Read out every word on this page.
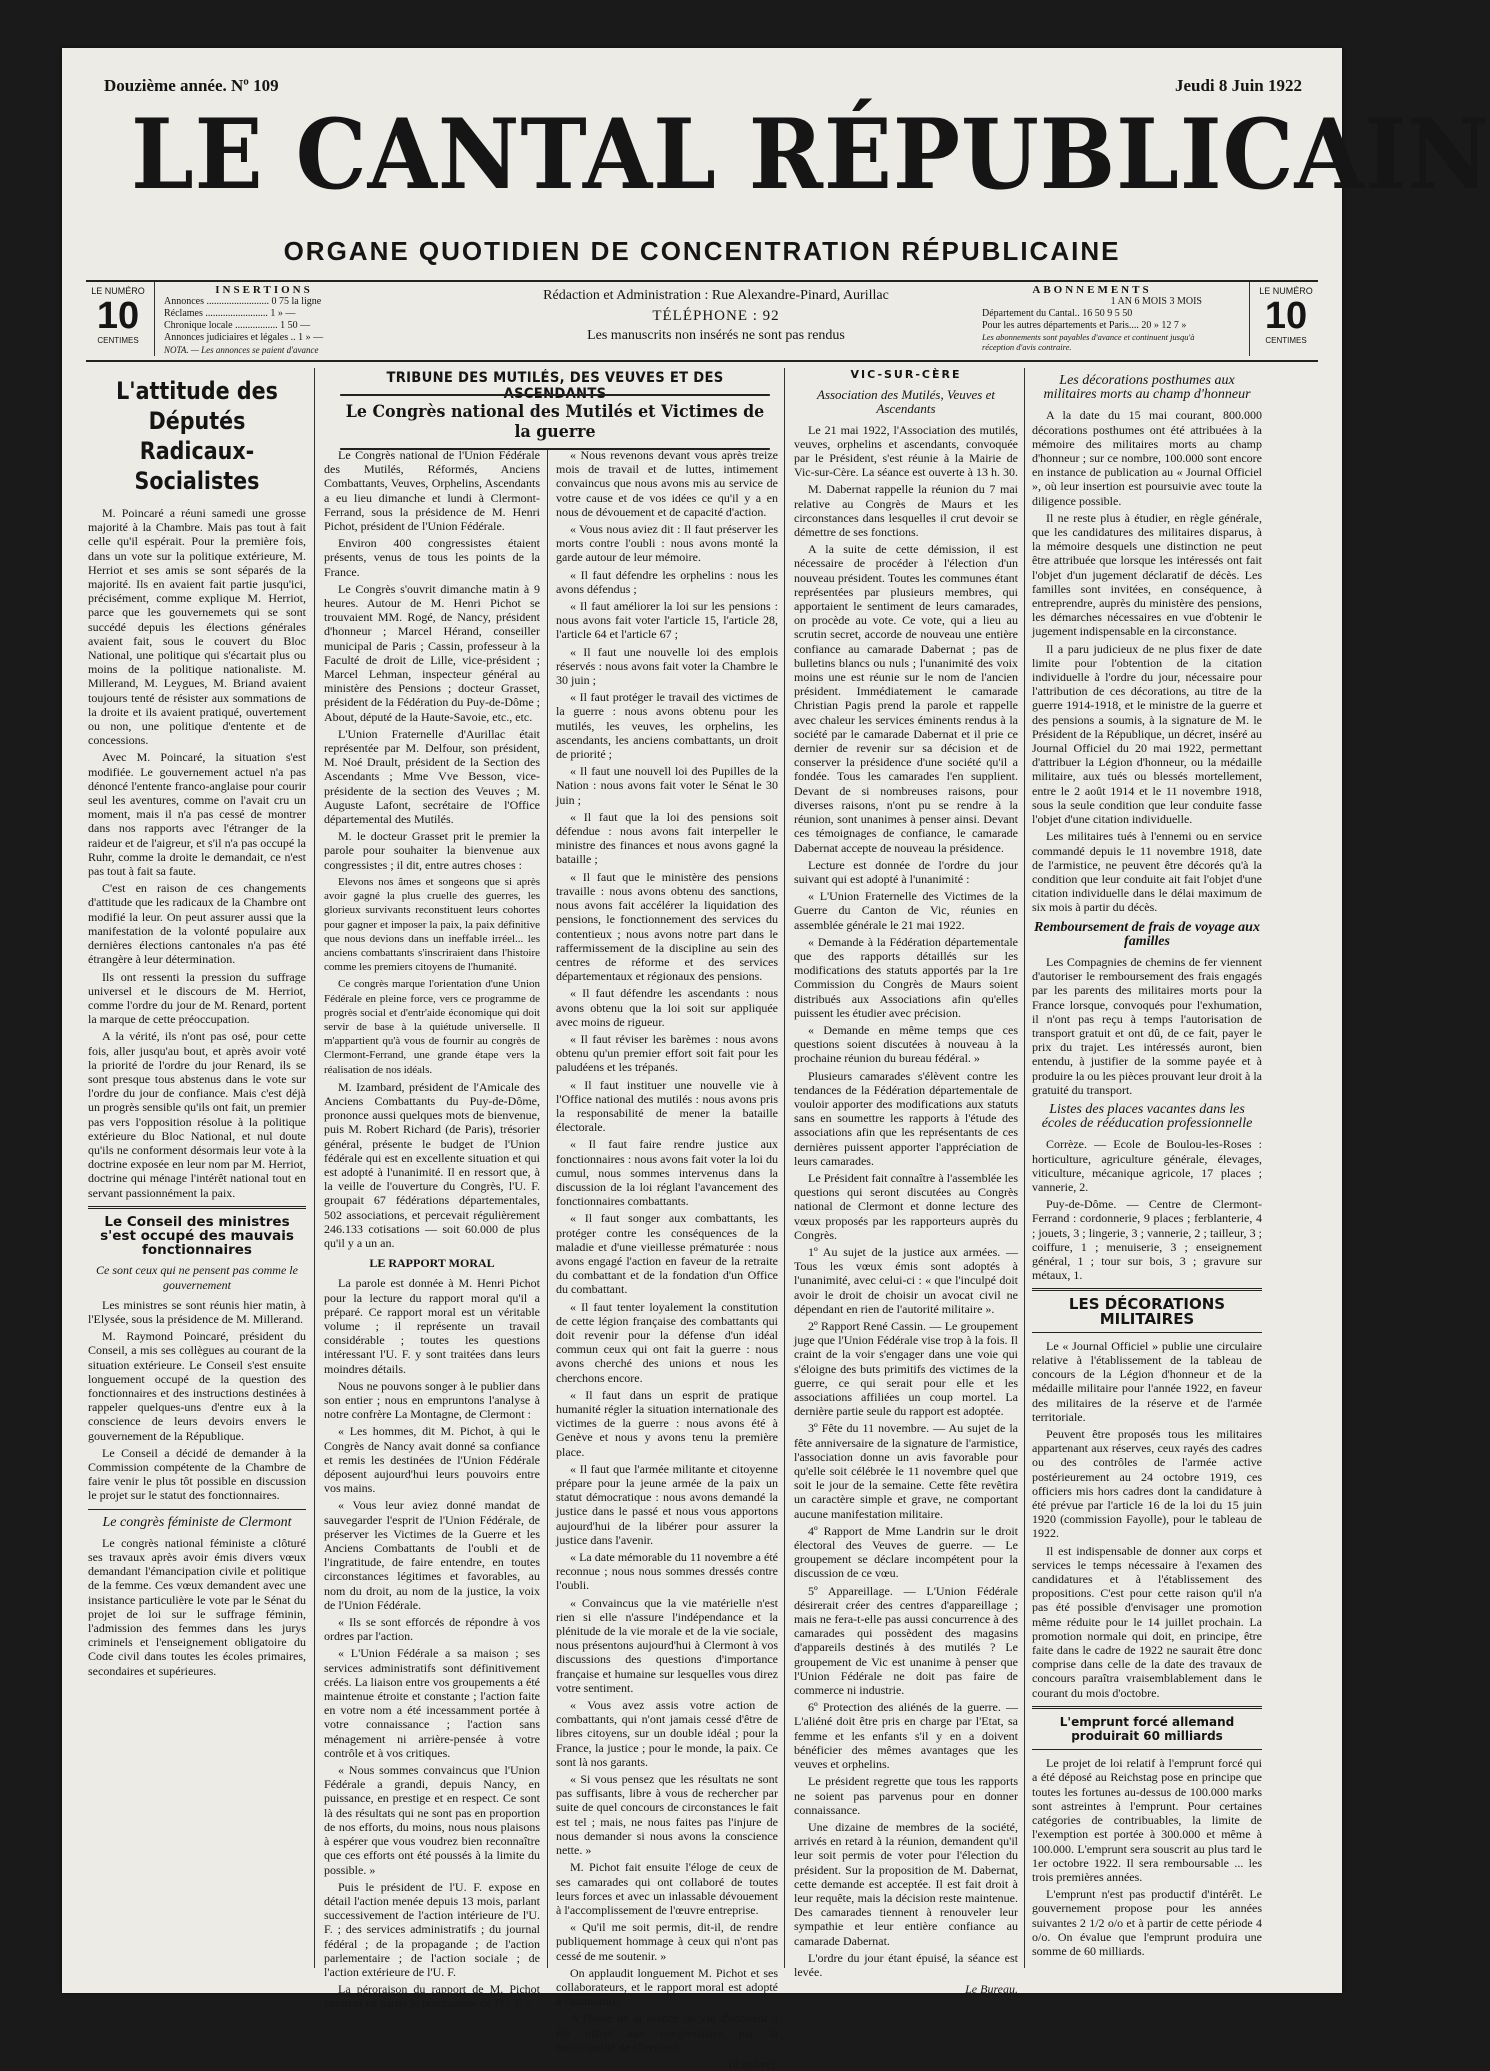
Douzième année. Nº 109	Jeudi 8 Juin 1922
LE CANTAL RÉPUBLICAIN
ORGANE QUOTIDIEN DE CONCENTRATION RÉPUBLICAINE
LE NUMÉRO
10
CENTIMES
INSERTIONS
Annonces ......................... 0 75 la ligne
Réclames ......................... 1 » —
Chronique locale ................. 1 50 —
Annonces judiciaires et légales .. 1 » —
NOTA. — Les annonces se paient d'avance
Rédaction et Administration : Rue Alexandre-Pinard, Aurillac
TÉLÉPHONE : 92
Les manuscrits non insérés ne sont pas rendus
ABONNEMENTS
1 AN 6 MOIS 3 MOIS
Département du Cantal.. 16 50 9 5 50
Pour les autres départements et Paris.... 20 » 12 7 »
Les abonnements sont payables d'avance et continuent jusqu'à réception d'avis contraire.
LE NUMÉRO
10
CENTIMES
L'attitude des Députés Radicaux-Socialistes

M. Poincaré a réuni samedi une grosse majorité à la Chambre. Mais pas tout à fait celle qu'il espérait. Pour la première fois, dans un vote sur la politique extérieure, M. Herriot et ses amis se sont séparés de la majorité. Ils en avaient fait partie jusqu'ici, précisément, comme explique M. Herriot, parce que les gouvernemets qui se sont succédé depuis les élections générales avaient fait, sous le couvert du Bloc National, une politique qui s'écartait plus ou moins de la politique nationaliste. M. Millerand, M. Leygues, M. Briand avaient toujours tenté de résister aux sommations de la droite et ils avaient pratiqué, ouvertement ou non, une politique d'entente et de concessions.

Avec M. Poincaré, la situation s'est modifiée. Le gouvernement actuel n'a pas dénoncé l'entente franco-anglaise pour courir seul les aventures, comme on l'avait cru un moment, mais il n'a pas cessé de montrer dans nos rapports avec l'étranger de la raideur et de l'aigreur, et s'il n'a pas occupé la Ruhr, comme la droite le demandait, ce n'est pas tout à fait sa faute.

C'est en raison de ces changements d'attitude que les radicaux de la Chambre ont modifié la leur. On peut assurer aussi que la manifestation de la volonté populaire aux dernières élections cantonales n'a pas été étrangère à leur détermination.

Ils ont ressenti la pression du suffrage universel et le discours de M. Herriot, comme l'ordre du jour de M. Renard, portent la marque de cette préoccupation.

A la vérité, ils n'ont pas osé, pour cette fois, aller jusqu'au bout, et après avoir voté la priorité de l'ordre du jour Renard, ils se sont presque tous abstenus dans le vote sur l'ordre du jour de confiance. Mais c'est déjà un progrès sensible qu'ils ont fait, un premier pas vers l'opposition résolue à la politique extérieure du Bloc National, et nul doute qu'ils ne conforment désormais leur vote à la doctrine exposée en leur nom par M. Herriot, doctrine qui ménage l'intérêt national tout en servant passionnément la paix.

Le Conseil des ministres s'est occupé des mauvais fonctionnaires
Ce sont ceux qui ne pensent pas comme le gouvernement

Les ministres se sont réunis hier matin, à l'Elysée, sous la présidence de M. Millerand.

M. Raymond Poincaré, président du Conseil, a mis ses collègues au courant de la situation extérieure. Le Conseil s'est ensuite longuement occupé de la question des fonctionnaires et des instructions destinées à rappeler quelques-uns d'entre eux à la conscience de leurs devoirs envers le gouvernement de la République.

Le Conseil a décidé de demander à la Commission compétente de la Chambre de faire venir le plus tôt possible en discussion le projet sur le statut des fonctionnaires.

Le congrès féministe de Clermont

Le congrès national féministe a clôturé ses travaux après avoir émis divers vœux demandant l'émancipation civile et politique de la femme. Ces vœux demandent avec une insistance particulière le vote par le Sénat du projet de loi sur le suffrage féminin, l'admission des femmes dans les jurys criminels et l'enseignement obligatoire du Code civil dans toutes les écoles primaires, secondaires et supérieures.

TRIBUNE DES MUTILÉS, DES VEUVES ET DES ASCENDANTS
Le Congrès national des Mutilés et Victimes de la guerre

Le Congrès national de l'Union Fédérale des Mutilés, Réformés, Anciens Combattants, Veuves, Orphelins, Ascendants a eu lieu dimanche et lundi à Clermont-Ferrand, sous la présidence de M. Henri Pichot, président de l'Union Fédérale.

Environ 400 congressistes étaient présents, venus de tous les points de la France.

Le Congrès s'ouvrit dimanche matin à 9 heures. Autour de M. Henri Pichot se trouvaient MM. Rogé, de Nancy, président d'honneur ; Marcel Hérand, conseiller municipal de Paris ; Cassin, professeur à la Faculté de droit de Lille, vice-président ; Marcel Lehman, inspecteur général au ministère des Pensions ; docteur Grasset, président de la Fédération du Puy-de-Dôme ; About, député de la Haute-Savoie, etc., etc.

L'Union Fraternelle d'Aurillac était représentée par M. Delfour, son président, M. Noé Drault, président de la Section des Ascendants ; Mme Vve Besson, vice-présidente de la section des Veuves ; M. Auguste Lafont, secrétaire de l'Office départemental des Mutilés.

M. le docteur Grasset prit le premier la parole pour souhaiter la bienvenue aux congressistes ; il dit, entre autres choses :

Elevons nos âmes et songeons que si après avoir gagné la plus cruelle des guerres, les glorieux survivants reconstituent leurs cohortes pour gagner et imposer la paix, la paix définitive que nous devions dans un ineffable irréel... les anciens combattants s'inscriraient dans l'histoire comme les premiers citoyens de l'humanité.

Ce congrès marque l'orientation d'une Union Fédérale en pleine force, vers ce programme de progrès social et d'entr'aide économique qui doit servir de base à la quiétude universelle. Il m'appartient qu'à vous de fournir au congrès de Clermont-Ferrand, une grande étape vers la réalisation de nos idéals.

M. Izambard, président de l'Amicale des Anciens Combattants du Puy-de-Dôme, prononce aussi quelques mots de bienvenue, puis M. Robert Richard (de Paris), trésorier général, présente le budget de l'Union fédérale qui est en excellente situation et qui est adopté à l'unanimité. Il en ressort que, à la veille de l'ouverture du Congrès, l'U. F. groupait 67 fédérations départementales, 502 associations, et percevait régulièrement 246.133 cotisations — soit 60.000 de plus qu'il y a un an.

LE RAPPORT MORAL

La parole est donnée à M. Henri Pichot pour la lecture du rapport moral qu'il a préparé. Ce rapport moral est un véritable volume ; il représente un travail considérable ; toutes les questions intéressant l'U. F. y sont traitées dans leurs moindres détails.

Nous ne pouvons songer à le publier dans son entier ; nous en empruntons l'analyse à notre confrère La Montagne, de Clermont :

« Les hommes, dit M. Pichot, à qui le Congrès de Nancy avait donné sa confiance et remis les destinées de l'Union Fédérale déposent aujourd'hui leurs pouvoirs entre vos mains.

« Vous leur aviez donné mandat de sauvegarder l'esprit de l'Union Fédérale, de préserver les Victimes de la Guerre et les Anciens Combattants de l'oubli et de l'ingratitude, de faire entendre, en toutes circonstances légitimes et favorables, au nom du droit, au nom de la justice, la voix de l'Union Fédérale.

« Ils se sont efforcés de répondre à vos ordres par l'action.

« L'Union Fédérale a sa maison ; ses services administratifs sont définitivement créés. La liaison entre vos groupements a été maintenue étroite et constante ; l'action faite en votre nom a été incessamment portée à votre connaissance ; l'action sans ménagement ni arrière-pensée à votre contrôle et à vos critiques.

« Nous sommes convaincus que l'Union Fédérale a grandi, depuis Nancy, en puissance, en prestige et en respect. Ce sont là des résultats qui ne sont pas en proportion de nos efforts, du moins, nous nous plaisons à espérer que vous voudrez bien reconnaître que ces efforts ont été poussés à la limite du possible. »

Puis le président de l'U. F. expose en détail l'action menée depuis 13 mois, parlant successivement de l'action intérieure de l'U. F. ; des services administratifs ; du journal fédéral ; de la propagande ; de l'action parlementaire ; de l'action sociale ; de l'action extérieure de l'U. F.

La péroraison du rapport de M. Pichot contient en partie le programme de l'U. F. :

« Nous revenons devant vous après treize mois de travail et de luttes, intimement convaincus que nous avons mis au service de votre cause et de vos idées ce qu'il y a en nous de dévouement et de capacité d'action.

« Vous nous aviez dit : Il faut préserver les morts contre l'oubli : nous avons monté la garde autour de leur mémoire.

« Il faut défendre les orphelins : nous les avons défendus ;

« Il faut améliorer la loi sur les pensions : nous avons fait voter l'article 15, l'article 28, l'article 64 et l'article 67 ;

« Il faut une nouvelle loi des emplois réservés : nous avons fait voter la Chambre le 30 juin ;

« Il faut protéger le travail des victimes de la guerre : nous avons obtenu pour les mutilés, les veuves, les orphelins, les ascendants, les anciens combattants, un droit de priorité ;

« Il faut une nouvell loi des Pupilles de la Nation : nous avons fait voter le Sénat le 30 juin ;

« Il faut que la loi des pensions soit défendue : nous avons fait interpeller le ministre des finances et nous avons gagné la bataille ;

« Il faut que le ministère des pensions travaille : nous avons obtenu des sanctions, nous avons fait accélérer la liquidation des pensions, le fonctionnement des services du contentieux ; nous avons notre part dans le raffermissement de la discipline au sein des centres de réforme et des services départementaux et régionaux des pensions.

« Il faut défendre les ascendants : nous avons obtenu que la loi soit sur appliquée avec moins de rigueur.

« Il faut réviser les barèmes : nous avons obtenu qu'un premier effort soit fait pour les paludéens et les trépanés.

« Il faut instituer une nouvelle vie à l'Office national des mutilés : nous avons pris la responsabilité de mener la bataille électorale.

« Il faut faire rendre justice aux fonctionnaires : nous avons fait voter la loi du cumul, nous sommes intervenus dans la discussion de la loi réglant l'avancement des fonctionnaires combattants.

« Il faut songer aux combattants, les protéger contre les conséquences de la maladie et d'une vieillesse prématurée : nous avons engagé l'action en faveur de la retraite du combattant et de la fondation d'un Office du combattant.

« Il faut tenter loyalement la constitution de cette légion française des combattants qui doit revenir pour la défense d'un idéal commun ceux qui ont fait la guerre : nous avons cherché des unions et nous les cherchons encore.

« Il faut dans un esprit de pratique humanité régler la situation internationale des victimes de la guerre : nous avons été à Genève et nous y avons tenu la première place.

« Il faut que l'armée militante et citoyenne prépare pour la jeune armée de la paix un statut démocratique : nous avons demandé la justice dans le passé et nous vous apportons aujourd'hui de la libérer pour assurer la justice dans l'avenir.

« La date mémorable du 11 novembre a été reconnue ; nous nous sommes dressés contre l'oubli.

« Convaincus que la vie matérielle n'est rien si elle n'assure l'indépendance et la plénitude de la vie morale et de la vie sociale, nous présentons aujourd'hui à Clermont à vos discussions des questions d'importance française et humaine sur lesquelles vous direz votre sentiment.

« Vous avez assis votre action de combattants, qui n'ont jamais cessé d'être de libres citoyens, sur un double idéal ; pour la France, la justice ; pour le monde, la paix. Ce sont là nos garants.

« Si vous pensez que les résultats ne sont pas suffisants, libre à vous de rechercher par suite de quel concours de circonstances le fait est tel ; mais, ne nous faites pas l'injure de nous demander si nous avons la conscience nette. »

M. Pichot fait ensuite l'éloge de ceux de ses camarades qui ont collaboré de toutes leurs forces et avec un inlassable dévouement à l'accomplissement de l'œuvre entreprise.

« Qu'il me soit permis, dit-il, de rendre publiquement hommage à ceux qui n'ont pas cessé de me soutenir. »

On applaudit longuement M. Pichot et ses collaborateurs, et le rapport moral est adopté à l'unanimité.

A l'issue de la séance un vin d'honneur a été offert aux congressistes par la municipalité de Clermont.

(à suivre).
VIC-SUR-CÈRE
Association des Mutilés, Veuves et Ascendants

Le 21 mai 1922, l'Association des mutilés, veuves, orphelins et ascendants, convoquée par le Président, s'est réunie à la Mairie de Vic-sur-Cère. La séance est ouverte à 13 h. 30.

M. Dabernat rappelle la réunion du 7 mai relative au Congrès de Maurs et les circonstances dans lesquelles il crut devoir se démettre de ses fonctions.

A la suite de cette démission, il est nécessaire de procéder à l'élection d'un nouveau président. Toutes les communes étant représentées par plusieurs membres, qui apportaient le sentiment de leurs camarades, on procède au vote. Ce vote, qui a lieu au scrutin secret, accorde de nouveau une entière confiance au camarade Dabernat ; pas de bulletins blancs ou nuls ; l'unanimité des voix moins une est réunie sur le nom de l'ancien président. Immédiatement le camarade Christian Pagis prend la parole et rappelle avec chaleur les services éminents rendus à la société par le camarade Dabernat et il prie ce dernier de revenir sur sa décision et de conserver la présidence d'une société qu'il a fondée. Tous les camarades l'en supplient. Devant de si nombreuses raisons, pour diverses raisons, n'ont pu se rendre à la réunion, sont unanimes à penser ainsi. Devant ces témoignages de confiance, le camarade Dabernat accepte de nouveau la présidence.

Lecture est donnée de l'ordre du jour suivant qui est adopté à l'unanimité :

« L'Union Fraternelle des Victimes de la Guerre du Canton de Vic, réunies en assemblée générale le 21 mai 1922.

« Demande à la Fédération départementale que des rapports détaillés sur les modifications des statuts apportés par la 1re Commission du Congrès de Maurs soient distribués aux Associations afin qu'elles puissent les étudier avec précision.

« Demande en même temps que ces questions soient discutées à nouveau à la prochaine réunion du bureau fédéral. »

Plusieurs camarades s'élèvent contre les tendances de la Fédération départementale de vouloir apporter des modifications aux statuts sans en soumettre les rapports à l'étude des associations afin que les représentants de ces dernières puissent apporter l'appréciation de leurs camarades.

Le Président fait connaître à l'assemblée les questions qui seront discutées au Congrès national de Clermont et donne lecture des vœux proposés par les rapporteurs auprès du Congrès.

1º Au sujet de la justice aux armées. — Tous les vœux émis sont adoptés à l'unanimité, avec celui-ci : « que l'inculpé doit avoir le droit de choisir un avocat civil ne dépendant en rien de l'autorité militaire ».

2º Rapport René Cassin. — Le groupement juge que l'Union Fédérale vise trop à la fois. Il craint de la voir s'engager dans une voie qui s'éloigne des buts primitifs des victimes de la guerre, ce qui serait pour elle et les associations affiliées un coup mortel. La dernière partie seule du rapport est adoptée.

3º Fête du 11 novembre. — Au sujet de la fête anniversaire de la signature de l'armistice, l'association donne un avis favorable pour qu'elle soit célébrée le 11 novembre quel que soit le jour de la semaine. Cette fête revêtira un caractère simple et grave, ne comportant aucune manifestation militaire.

4º Rapport de Mme Landrin sur le droit électoral des Veuves de guerre. — Le groupement se déclare incompétent pour la discussion de ce vœu.

5º Appareillage. — L'Union Fédérale désirerait créer des centres d'appareillage ; mais ne fera-t-elle pas aussi concurrence à des camarades qui possèdent des magasins d'appareils destinés à des mutilés ? Le groupement de Vic est unanime à penser que l'Union Fédérale ne doit pas faire de commerce ni industrie.

6º Protection des aliénés de la guerre. — L'aliéné doit être pris en charge par l'Etat, sa femme et les enfants s'il y en a doivent bénéficier des mêmes avantages que les veuves et orphelins.

Le président regrette que tous les rapports ne soient pas parvenus pour en donner connaissance.

Une dizaine de membres de la société, arrivés en retard à la réunion, demandent qu'il leur soit permis de voter pour l'élection du président. Sur la proposition de M. Dabernat, cette demande est acceptée. Il est fait droit à leur requête, mais la décision reste maintenue. Des camarades tiennent à renouveler leur sympathie et leur entière confiance au camarade Dabernat.

L'ordre du jour étant épuisé, la séance est levée.

Le Bureau.
Les décorations posthumes aux militaires morts au champ d'honneur

A la date du 15 mai courant, 800.000 décorations posthumes ont été attribuées à la mémoire des militaires morts au champ d'honneur ; sur ce nombre, 100.000 sont encore en instance de publication au « Journal Officiel », où leur insertion est poursuivie avec toute la diligence possible.

Il ne reste plus à étudier, en règle générale, que les candidatures des militaires disparus, à la mémoire desquels une distinction ne peut être attribuée que lorsque les intéressés ont fait l'objet d'un jugement déclaratif de décès. Les familles sont invitées, en conséquence, à entreprendre, auprès du ministère des pensions, les démarches nécessaires en vue d'obtenir le jugement indispensable en la circonstance.

Il a paru judicieux de ne plus fixer de date limite pour l'obtention de la citation individuelle à l'ordre du jour, nécessaire pour l'attribution de ces décorations, au titre de la guerre 1914-1918, et le ministre de la guerre et des pensions a soumis, à la signature de M. le Président de la République, un décret, inséré au Journal Officiel du 20 mai 1922, permettant d'attribuer la Légion d'honneur, ou la médaille militaire, aux tués ou blessés mortellement, entre le 2 août 1914 et le 11 novembre 1918, sous la seule condition que leur conduite fasse l'objet d'une citation individuelle.

Les militaires tués à l'ennemi ou en service commandé depuis le 11 novembre 1918, date de l'armistice, ne peuvent être décorés qu'à la condition que leur conduite ait fait l'objet d'une citation individuelle dans le délai maximum de six mois à partir du décès.

Remboursement de frais de voyage aux familles

Les Compagnies de chemins de fer viennent d'autoriser le remboursement des frais engagés par les parents des militaires morts pour la France lorsque, convoqués pour l'exhumation, il n'ont pas reçu à temps l'autorisation de transport gratuit et ont dû, de ce fait, payer le prix du trajet. Les intéressés auront, bien entendu, à justifier de la somme payée et à produire la ou les pièces prouvant leur droit à la gratuité du transport.

Listes des places vacantes dans les écoles de rééducation professionnelle

Corrèze. — Ecole de Boulou-les-Roses : horticulture, agriculture générale, élevages, viticulture, mécanique agricole, 17 places ; vannerie, 2.

Puy-de-Dôme. — Centre de Clermont-Ferrand : cordonnerie, 9 places ; ferblanterie, 4 ; jouets, 3 ; lingerie, 3 ; vannerie, 2 ; tailleur, 3 ; coiffure, 1 ; menuiserie, 3 ; enseignement général, 1 ; tour sur bois, 3 ; gravure sur métaux, 1.

LES DÉCORATIONS MILITAIRES

Le « Journal Officiel » publie une circulaire relative à l'établissement de la tableau de concours de la Légion d'honneur et de la médaille militaire pour l'année 1922, en faveur des militaires de la réserve et de l'armée territoriale.

Peuvent être proposés tous les militaires appartenant aux réserves, ceux rayés des cadres ou des contrôles de l'armée active postérieurement au 24 octobre 1919, ces officiers mis hors cadres dont la candidature à été prévue par l'article 16 de la loi du 15 juin 1920 (commission Fayolle), pour le tableau de 1922.

Il est indispensable de donner aux corps et services le temps nécessaire à l'examen des candidatures et à l'établissement des propositions. C'est pour cette raison qu'il n'a pas été possible d'envisager une promotion même réduite pour le 14 juillet prochain. La promotion normale qui doit, en principe, être faite dans le cadre de 1922 ne saurait être donc comprise dans celle de la date des travaux de concours paraîtra vraisemblablement dans le courant du mois d'octobre.

L'emprunt forcé allemand produirait 60 milliards

Le projet de loi relatif à l'emprunt forcé qui a été déposé au Reichstag pose en principe que toutes les fortunes au-dessus de 100.000 marks sont astreintes à l'emprunt. Pour certaines catégories de contribuables, la limite de l'exemption est portée à 300.000 et même à 100.000. L'emprunt sera souscrit au plus tard le 1er octobre 1922. Il sera remboursable ... les trois premières années.

L'emprunt n'est pas productif d'intérêt. Le gouvernement propose pour les années suivantes 2 1/2 o/o et à partir de cette période 4 o/o. On évalue que l'emprunt produira une somme de 60 milliards.
